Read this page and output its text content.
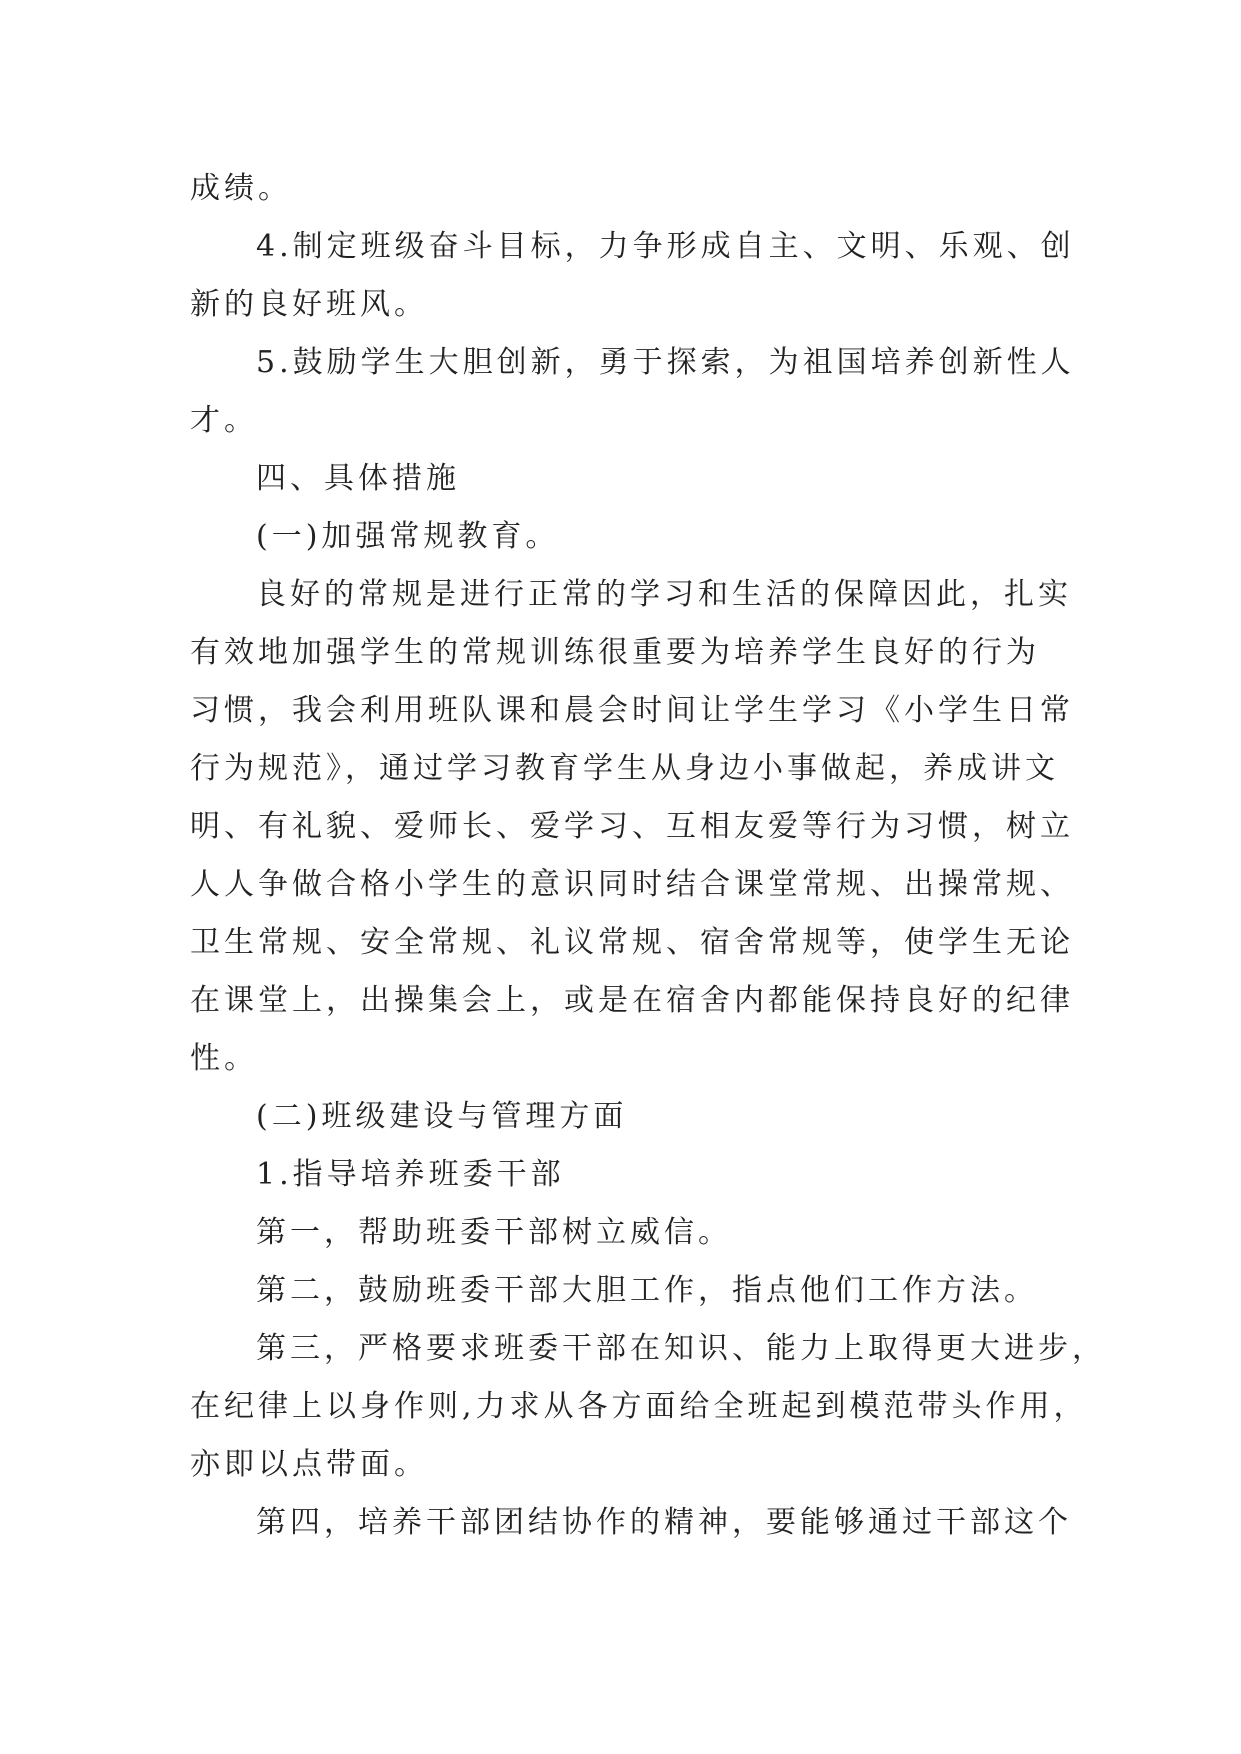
成绩。
4.制定班级奋斗目标，力争形成自主、文明、乐观、创
新的良好班风。
5.鼓励学生大胆创新，勇于探索，为祖国培养创新性人
才。
四、具体措施
(一)加强常规教育。
良好的常规是进行正常的学习和生活的保障因此，扎实
有效地加强学生的常规训练很重要为培养学生良好的行为
习惯，我会利用班队课和晨会时间让学生学习《小学生日常
行为规范》，通过学习教育学生从身边小事做起，养成讲文
明、有礼貌、爱师长、爱学习、互相友爱等行为习惯，树立
人人争做合格小学生的意识同时结合课堂常规、出操常规、
卫生常规、安全常规、礼议常规、宿舍常规等，使学生无论
在课堂上，出操集会上，或是在宿舍内都能保持良好的纪律
性。
(二)班级建设与管理方面
1.指导培养班委干部
第一，帮助班委干部树立威信。
第二，鼓励班委干部大胆工作，指点他们工作方法。
第三，严格要求班委干部在知识、能力上取得更大进步，
在纪律上以身作则,力求从各方面给全班起到模范带头作用，
亦即以点带面。
第四，培养干部团结协作的精神，要能够通过干部这个
